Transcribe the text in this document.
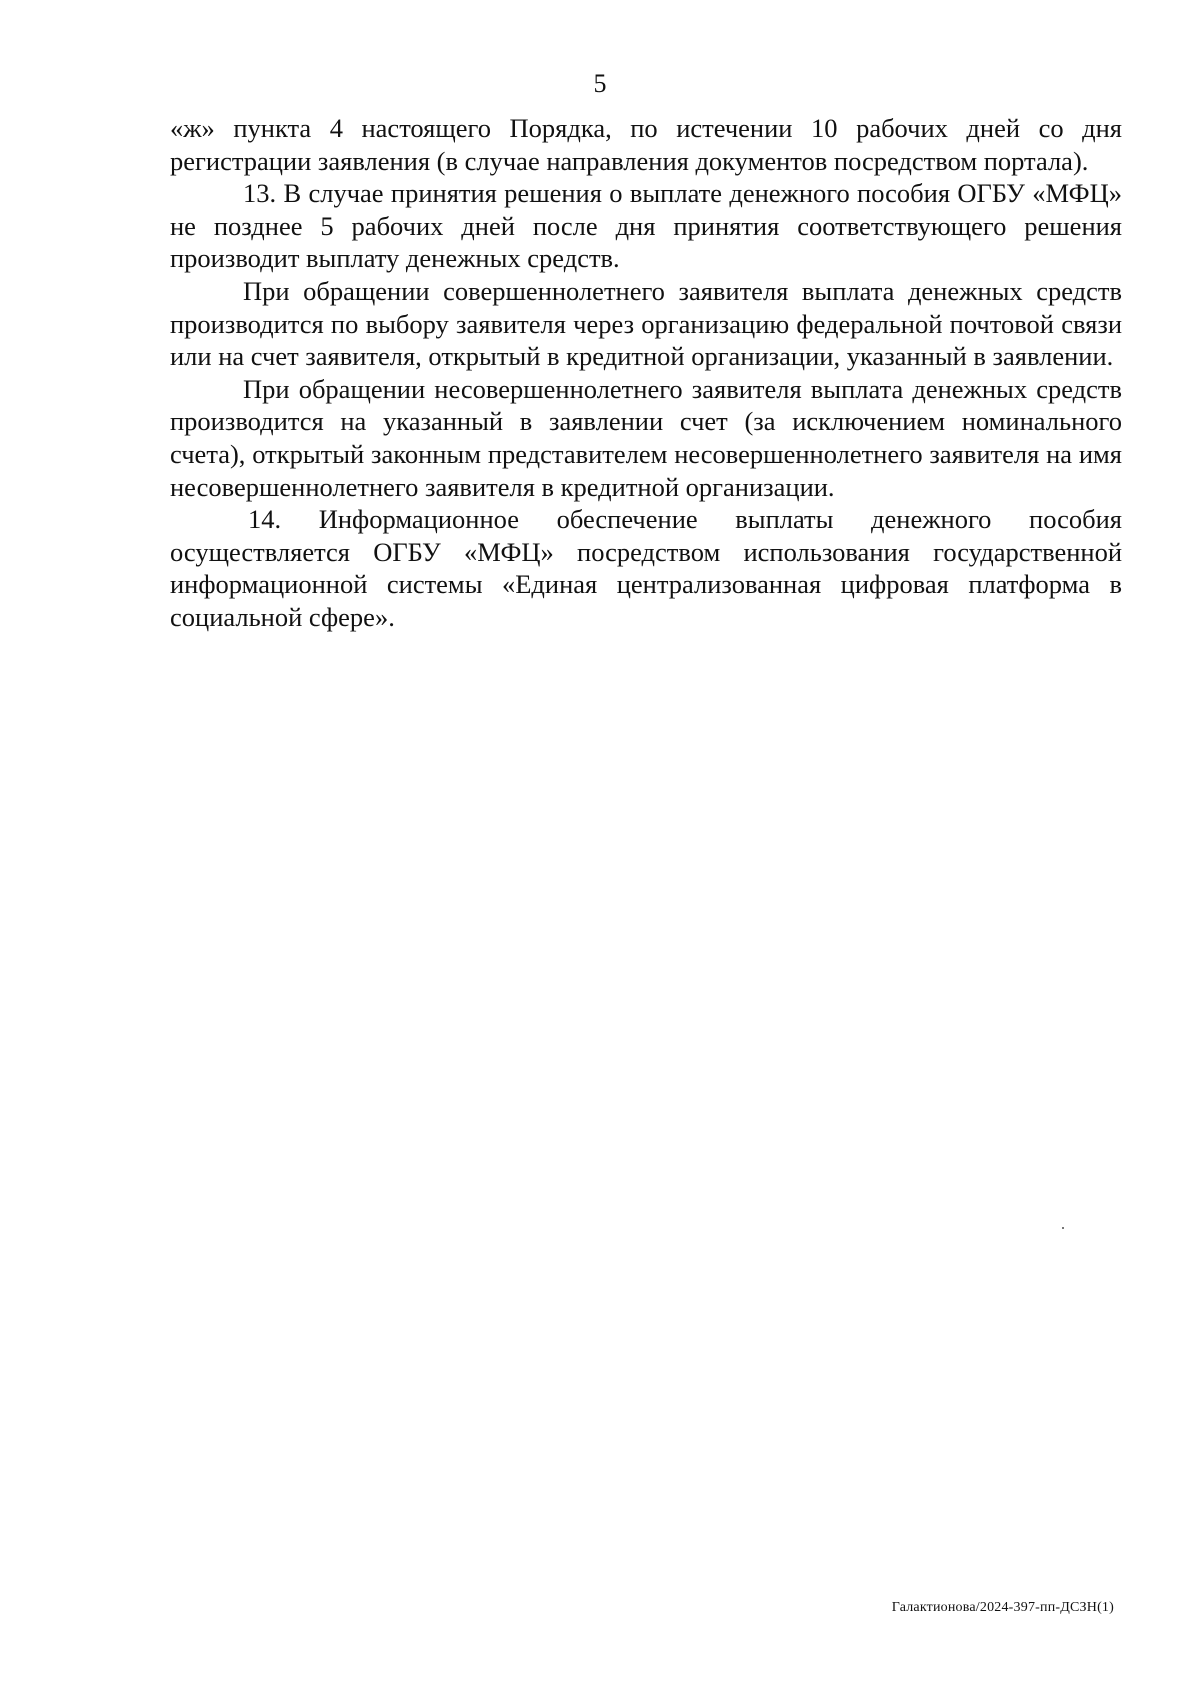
5

«ж» пункта 4 настоящего Порядка, по истечении 10 рабочих дней со дня регистрации заявления (в случае направления документов посредством портала).

13. В случае принятия решения о выплате денежного пособия ОГБУ «МФЦ» не позднее 5 рабочих дней после дня принятия соответствующего решения производит выплату денежных средств.

При обращении совершеннолетнего заявителя выплата денежных средств производится по выбору заявителя через организацию федеральной почтовой связи или на счет заявителя, открытый в кредитной организации, указанный в заявлении.

При обращении несовершеннолетнего заявителя выплата денежных средств производится на указанный в заявлении счет (за исключением номинального счета), открытый законным представителем несовершеннолетнего заявителя на имя несовершеннолетнего заявителя в кредитной организации.

14. Информационное обеспечение выплаты денежного пособия осуществляется ОГБУ «МФЦ» посредством использования государственной информационной системы «Единая централизованная цифровая платформа в социальной сфере».

Галактионова/2024-397-пп-ДСЗН(1)
